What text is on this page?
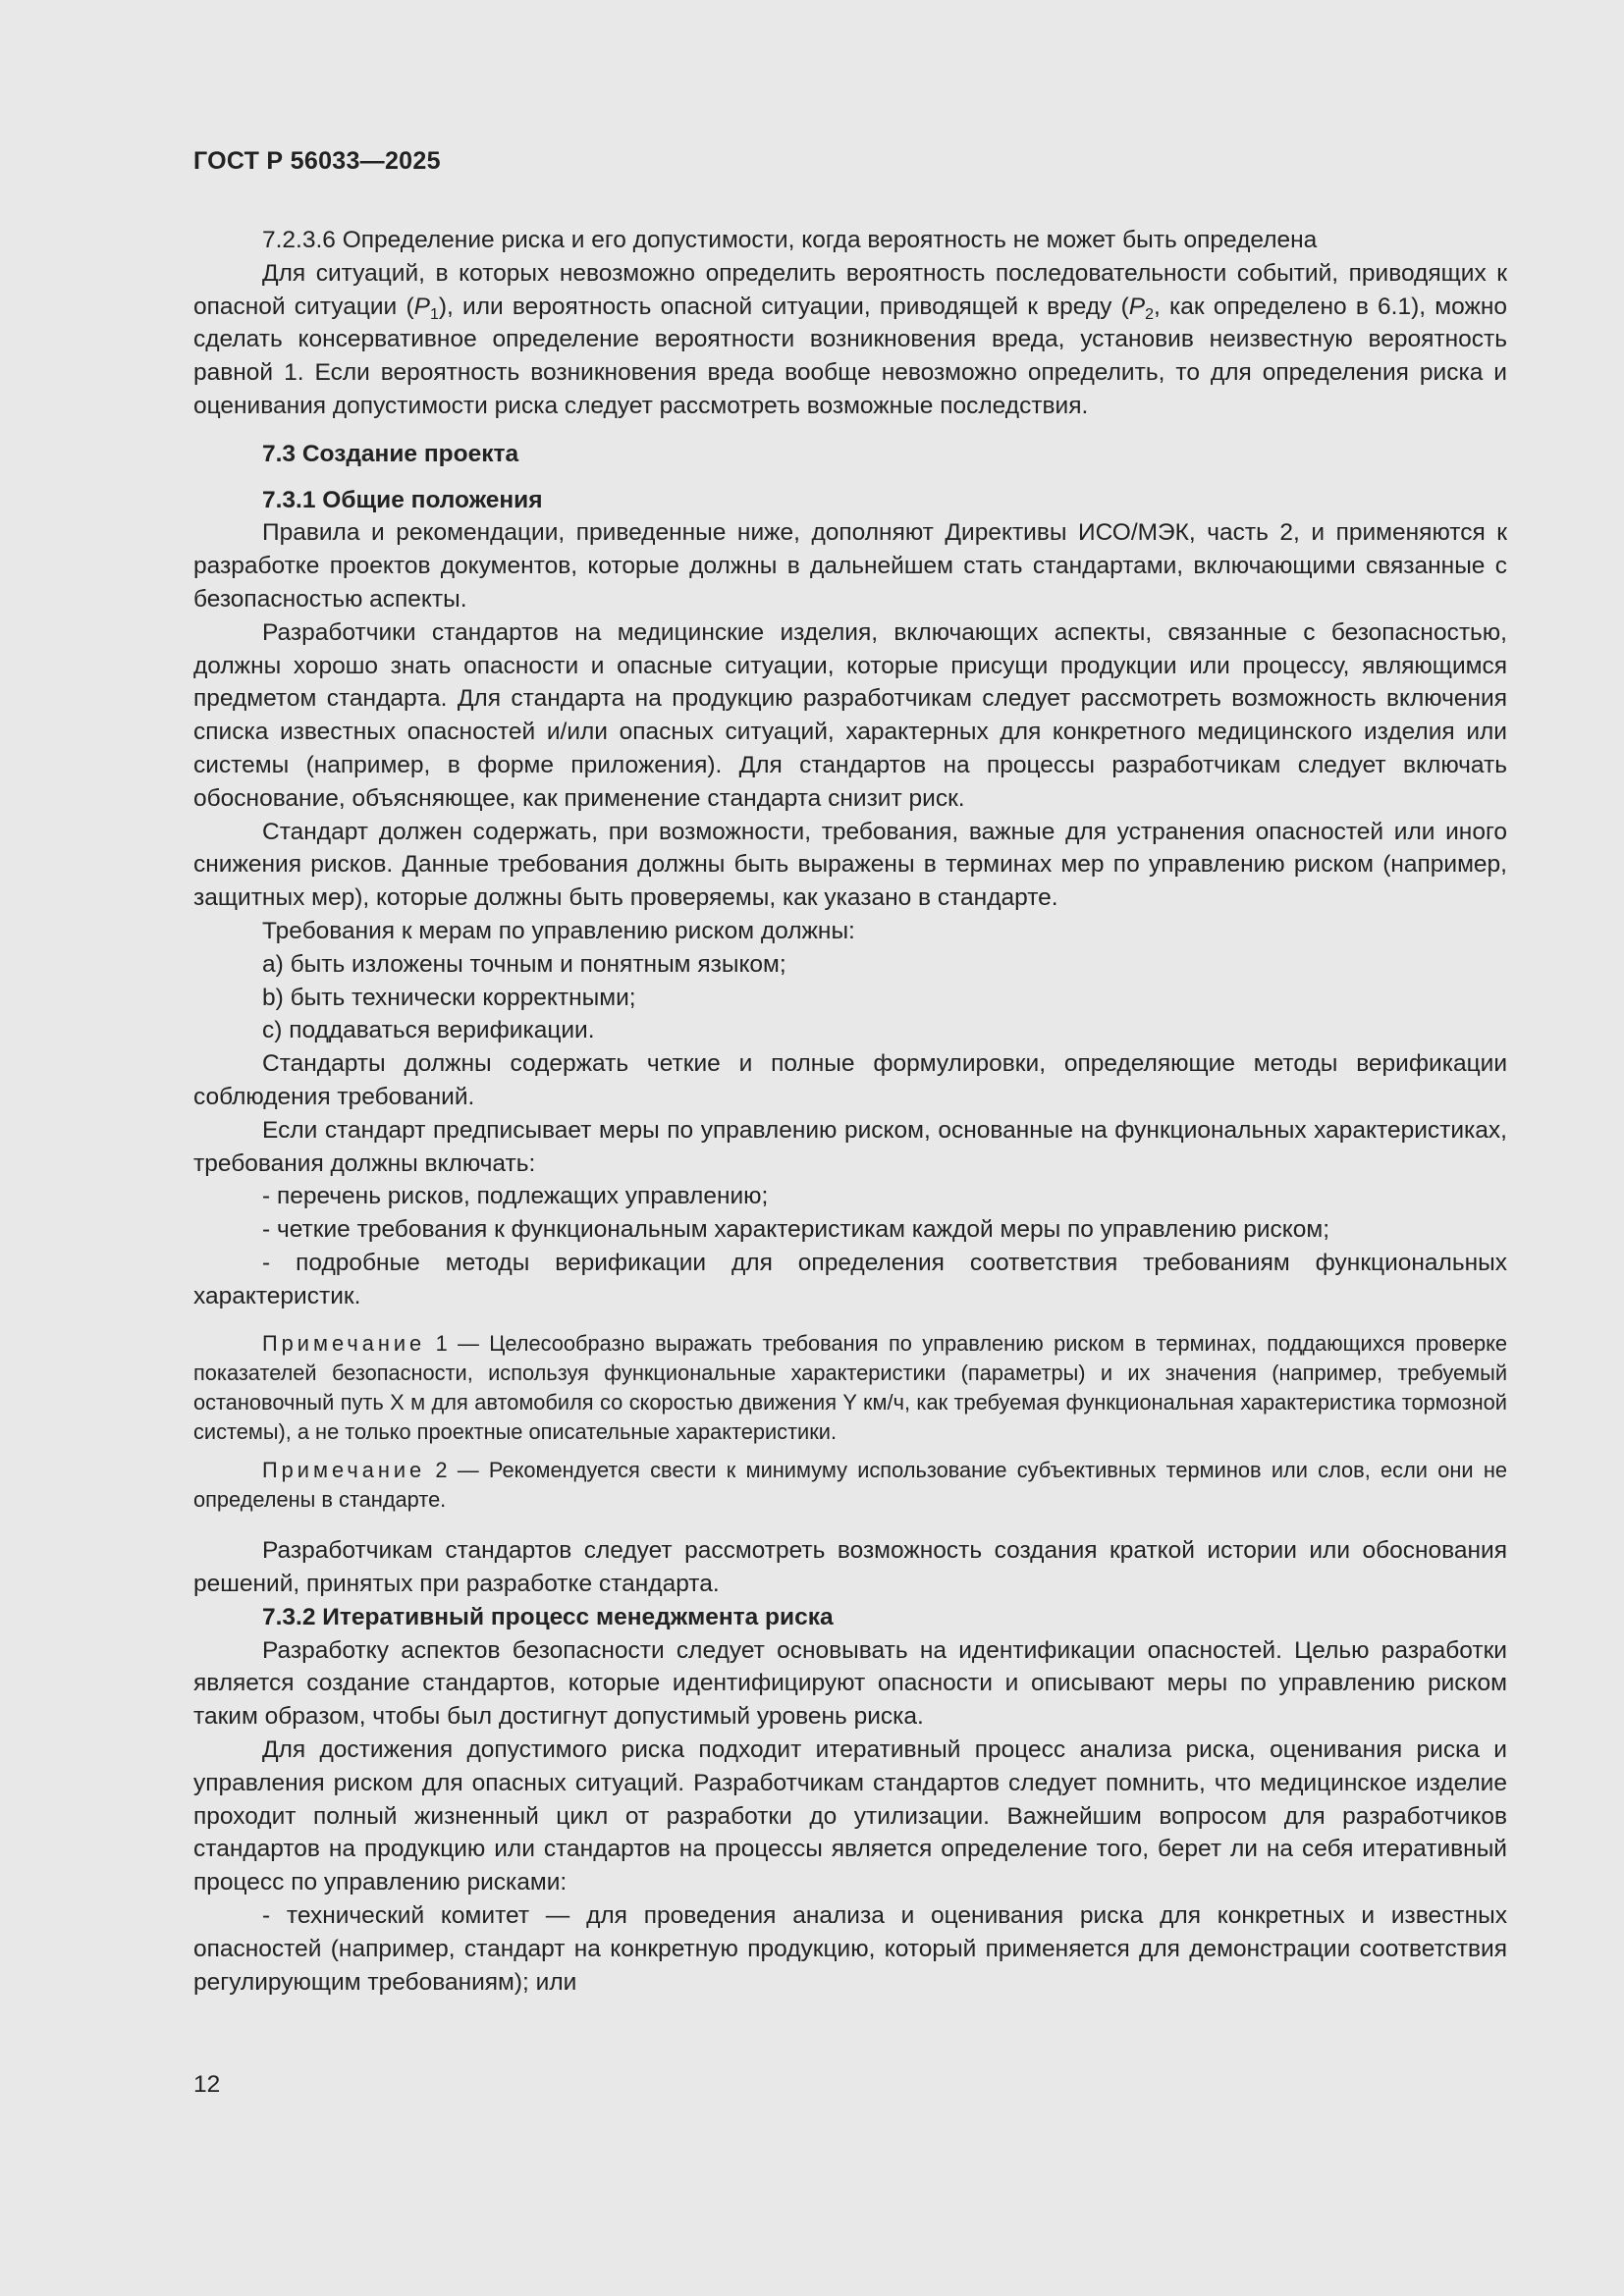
ГОСТ Р 56033—2025

7.2.3.6 Определение риска и его допустимости, когда вероятность не может быть определена

Для ситуаций, в которых невозможно определить вероятность последовательности событий, приводящих к опасной ситуации $(P_1)$, или вероятность опасной ситуации, приводящей к вреду ($P_2$, как определено в 6.1), можно сделать консервативное определение вероятности возникновения вреда, установив неизвестную вероятность равной 1. Если вероятность возникновения вреда вообще невозможно определить, то для определения риска и оценивания допустимости риска следует рассмотреть возможные последствия.

7.3 Создание проекта
7.3.1 Общие положения

Правила и рекомендации, приведенные ниже, дополняют Директивы ИСО/МЭК, часть 2, и применяются к разработке проектов документов, которые должны в дальнейшем стать стандартами, включающими связанные с безопасностью аспекты.

Разработчики стандартов на медицинские изделия, включающих аспекты, связанные с безопасностью, должны хорошо знать опасности и опасные ситуации, которые присущи продукции или процессу, являющимся предметом стандарта. Для стандарта на продукцию разработчикам следует рассмотреть возможность включения списка известных опасностей и/или опасных ситуаций, характерных для конкретного медицинского изделия или системы (например, в форме приложения). Для стандартов на процессы разработчикам следует включать обоснование, объясняющее, как применение стандарта снизит риск.

Стандарт должен содержать, при возможности, требования, важные для устранения опасностей или иного снижения рисков. Данные требования должны быть выражены в терминах мер по управлению риском (например, защитных мер), которые должны быть проверяемы, как указано в стандарте.

Требования к мерам по управлению риском должны:

a) быть изложены точным и понятным языком;

b) быть технически корректными;

c) поддаваться верификации.

Стандарты должны содержать четкие и полные формулировки, определяющие методы верификации соблюдения требований.

Если стандарт предписывает меры по управлению риском, основанные на функциональных характеристиках, требования должны включать:

- перечень рисков, подлежащих управлению;

- четкие требования к функциональным характеристикам каждой меры по управлению риском;

- подробные методы верификации для определения соответствия требованиям функциональных характеристик.

Примечание 1 — Целесообразно выражать требования по управлению риском в терминах, поддающихся проверке показателей безопасности, используя функциональные характеристики (параметры) и их значения (например, требуемый остановочный путь X м для автомобиля со скоростью движения Y км/ч, как требуемая функциональная характеристика тормозной системы), а не только проектные описательные характеристики.

Примечание 2 — Рекомендуется свести к минимуму использование субъективных терминов или слов, если они не определены в стандарте.

Разработчикам стандартов следует рассмотреть возможность создания краткой истории или обоснования решений, принятых при разработке стандарта.

7.3.2 Итеративный процесс менеджмента риска

Разработку аспектов безопасности следует основывать на идентификации опасностей. Целью разработки является создание стандартов, которые идентифицируют опасности и описывают меры по управлению риском таким образом, чтобы был достигнут допустимый уровень риска.

Для достижения допустимого риска подходит итеративный процесс анализа риска, оценивания риска и управления риском для опасных ситуаций. Разработчикам стандартов следует помнить, что медицинское изделие проходит полный жизненный цикл от разработки до утилизации. Важнейшим вопросом для разработчиков стандартов на продукцию или стандартов на процессы является определение того, берет ли на себя итеративный процесс по управлению рисками:

- технический комитет — для проведения анализа и оценивания риска для конкретных и известных опасностей (например, стандарт на конкретную продукцию, который применяется для демонстрации соответствия регулирующим требованиям); или

12
